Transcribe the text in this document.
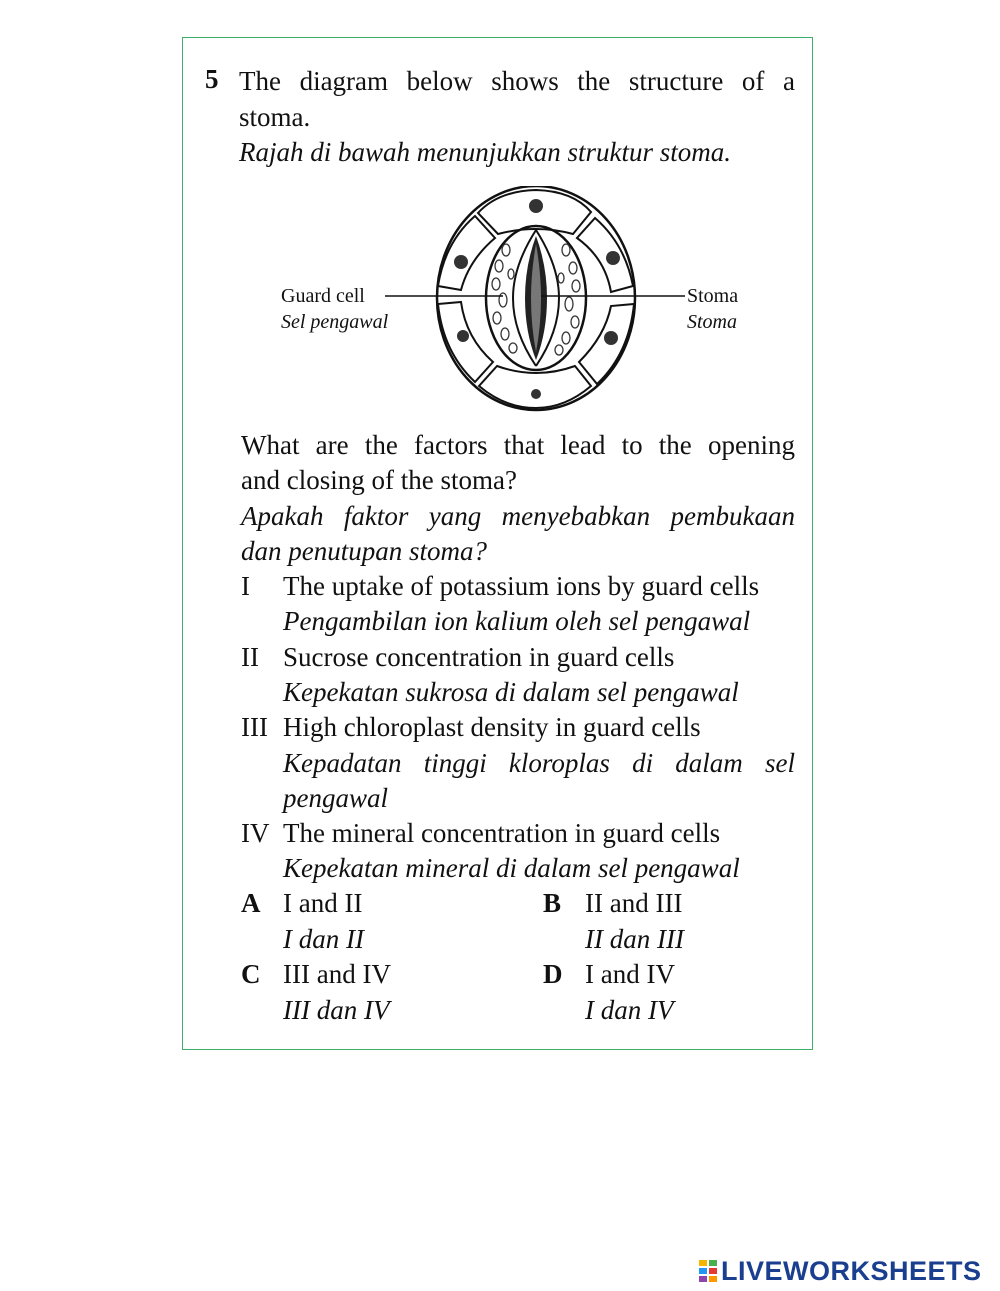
5 The diagram below shows the structure of a
stoma.
Rajah di bawah menunjukkan struktur stoma.
Guard cell
Sel pengawal
Stoma
Stoma
What are the factors that lead to the opening
and closing of the stoma?
Apakah faktor yang menyebabkan pembukaan
dan penutupan stoma?
I The uptake of potassium ions by guard cells
Pengambilan ion kalium oleh sel pengawal
II Sucrose concentration in guard cells
Kepekatan sukrosa di dalam sel pengawal
III High chloroplast density in guard cells
Kepadatan tinggi kloroplas di dalam sel
pengawal
IV The mineral concentration in guard cells
Kepekatan mineral di dalam sel pengawal
A I and II
I dan II
B II and III
II dan III
C III and IV
III dan IV
D I and IV
I dan IV
LIVEWORKSHEETS
